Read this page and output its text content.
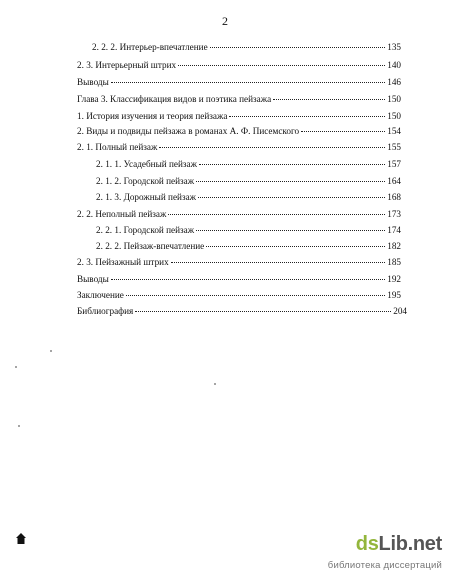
2
2. 2. 2. Интерьер-впечатление	135
2. 3. Интерьерный штрих	140
Выводы	146
Глава 3. Классификация видов и поэтика пейзажа	150
1. История изучения и теория пейзажа	150
2. Виды и подвиды пейзажа в романах А. Ф. Писемского	154
2. 1. Полный пейзаж	155
2. 1. 1. Усадебный пейзаж	157
2. 1. 2. Городской пейзаж	164
2. 1. 3. Дорожный пейзаж	168
2. 2. Неполный пейзаж	173
2. 2. 1. Городской пейзаж	174
2. 2. 2. Пейзаж-впечатление	182
2. 3. Пейзажный штрих	185
Выводы	192
Заключение	195
Библиография	204
dsLib.net
библиотека диссертаций
